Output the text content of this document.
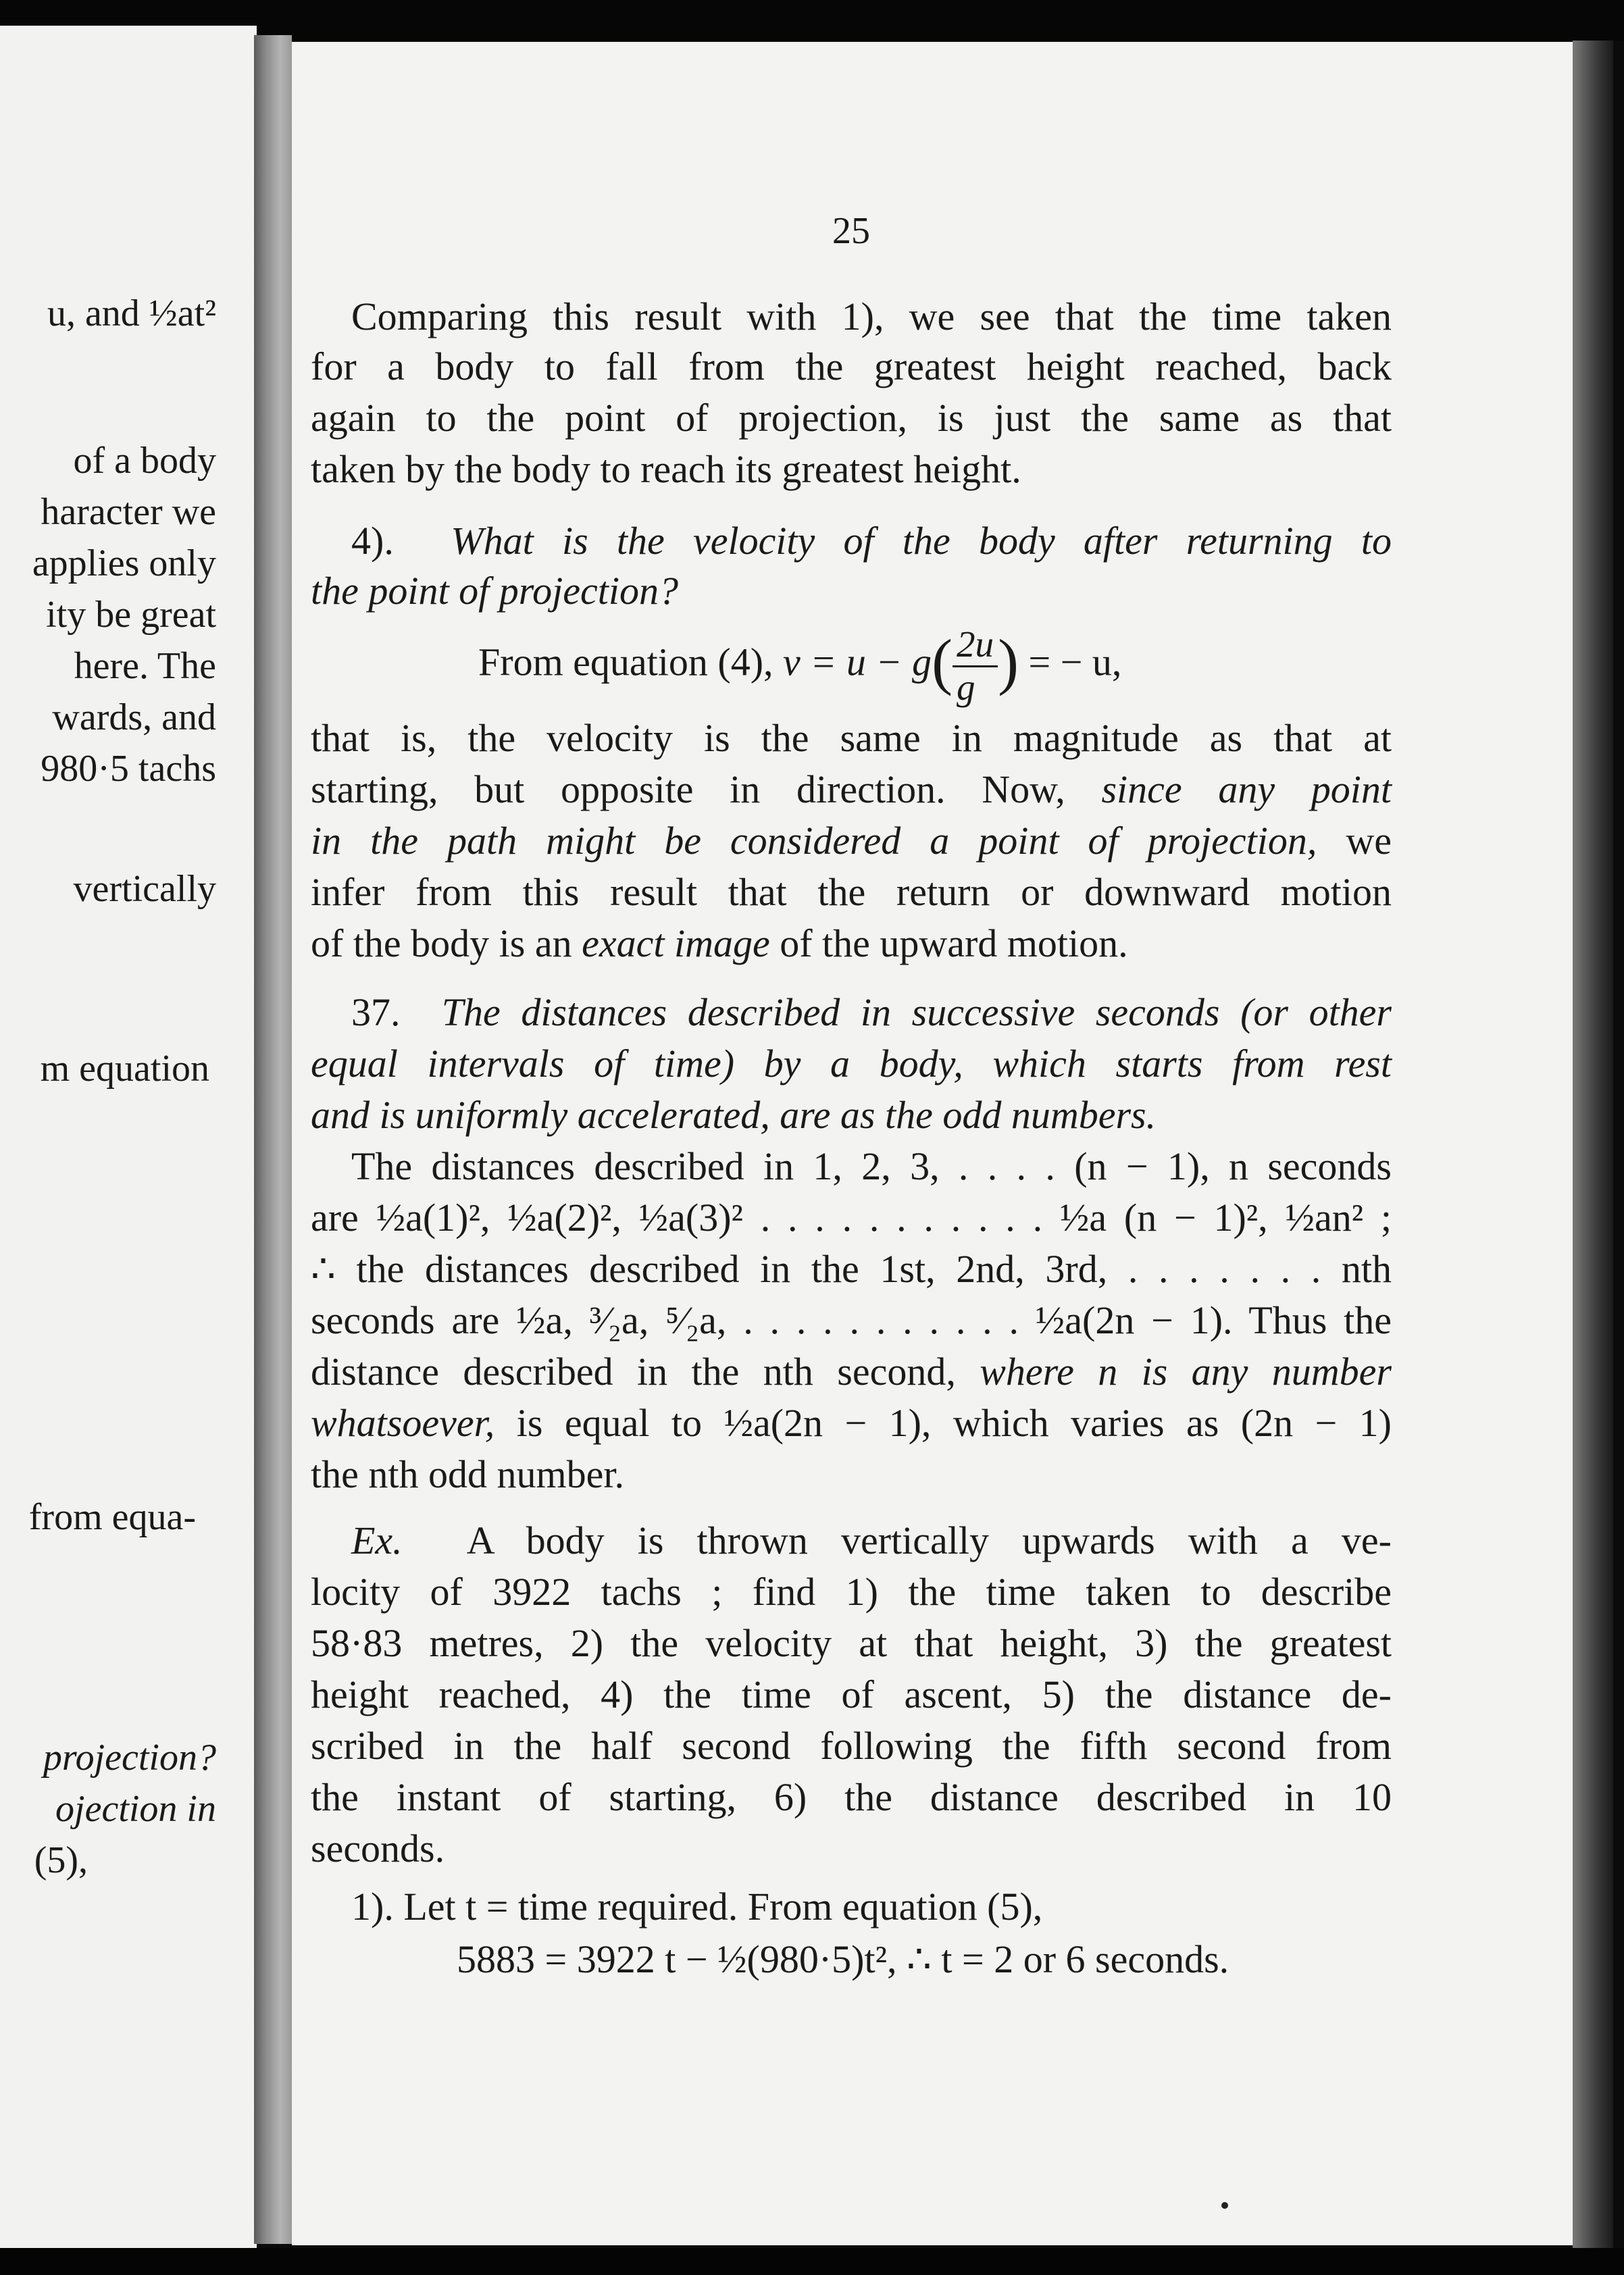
u, and ½at²
of a body
haracter we
applies only
ity be great
here. The
wards, and
980·5 tachs
vertically
m equation
from equa-
projection?
ojection in
(5),
25
Comparing this result with 1), we see that the time taken
for a body to fall from the greatest height reached, back
again to the point of projection, is just the same as that
taken by the body to reach its greatest height.
4). What is the velocity of the body after returning to
the point of projection?
From equation (4), $v = u - g( \frac{2u}{g}$ ) = − u,
that is, the velocity is the same in magnitude as that at
starting, but opposite in direction. Now, since any point
in the path might be considered a point of projection, we
infer from this result that the return or downward motion
of the body is an exact image of the upward motion.
37. The distances described in successive seconds (or other
equal intervals of time) by a body, which starts from rest
and is uniformly accelerated, are as the odd numbers.
The distances described in 1, 2, 3, . . . . (n − 1), n seconds
are ½a(1)², ½a(2)², ½a(3)² . . . . . . . . . . . ½a (n − 1)², ½an² ;
∴ the distances described in the 1st, 2nd, 3rd, . . . . . . . nth
seconds are ½a, ³⁄₂a, ⁵⁄₂a, . . . . . . . . . . . ½a(2n − 1). Thus the
distance described in the nth second, where n is any number
whatsoever, is equal to ½a(2n − 1), which varies as (2n − 1)
the nth odd number.
Ex. A body is thrown vertically upwards with a ve-
locity of 3922 tachs ; find 1) the time taken to describe
58·83 metres, 2) the velocity at that height, 3) the greatest
height reached, 4) the time of ascent, 5) the distance de-
scribed in the half second following the fifth second from
the instant of starting, 6) the distance described in 10
seconds.
1). Let t = time required. From equation (5),
5883 = 3922 t − ½(980·5)t², ∴ t = 2 or 6 seconds.
